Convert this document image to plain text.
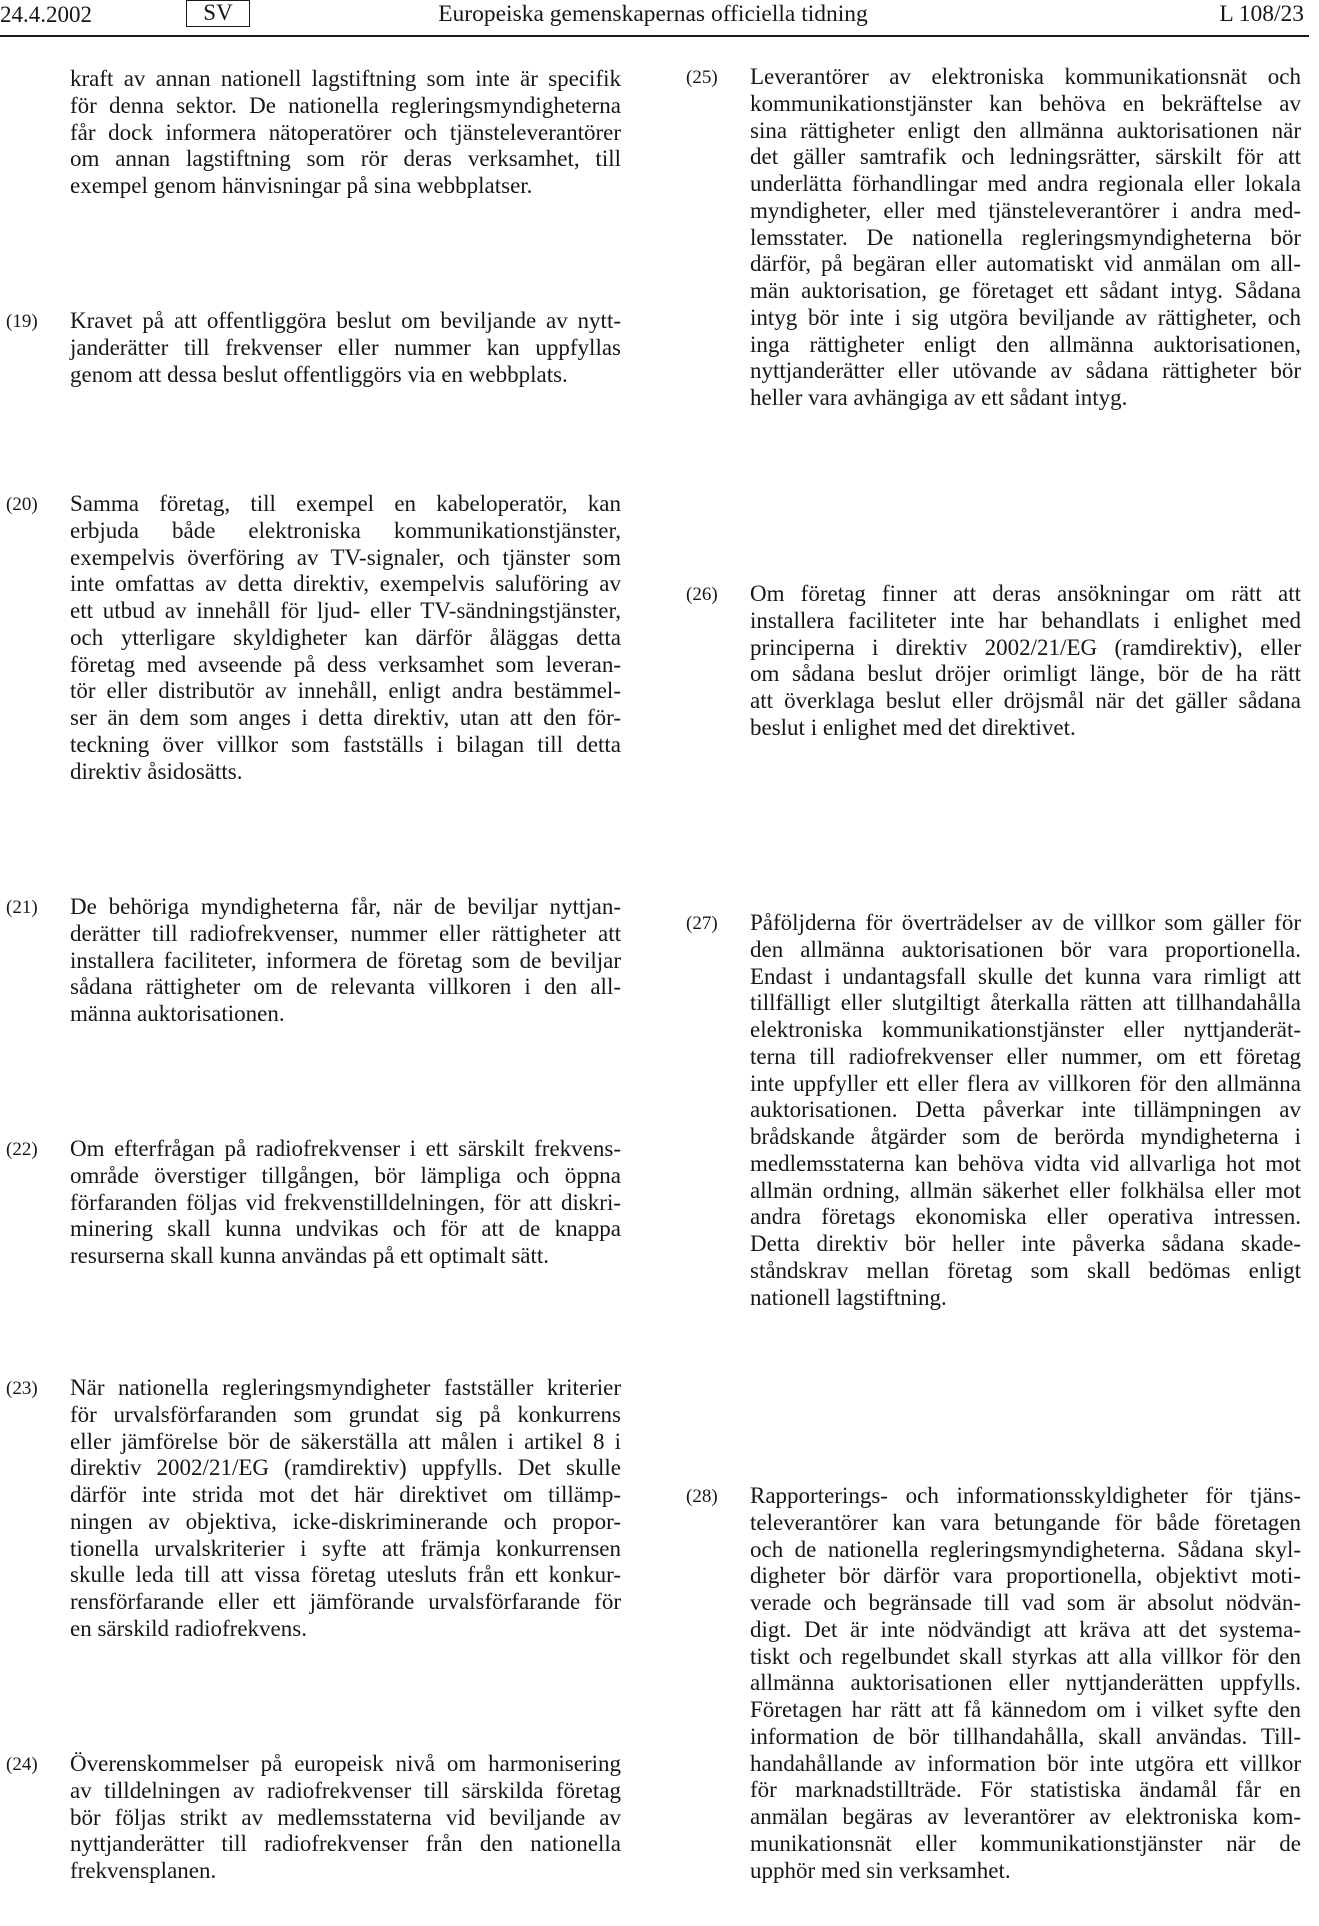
24.4.2002	SV	Europeiska gemenskapernas officiella tidning	L 108/23
kraft av annan nationell lagstiftning som inte är specifik
för denna sektor. De nationella regleringsmyndigheterna
får dock informera nätoperatörer och tjänsteleverantörer
om annan lagstiftning som rör deras verksamhet, till
exempel genom hänvisningar på sina webbplatser.
(19) Kravet på att offentliggöra beslut om beviljande av nytt-
janderätter till frekvenser eller nummer kan uppfyllas
genom att dessa beslut offentliggörs via en webbplats.
(20) Samma företag, till exempel en kabeloperatör, kan
erbjuda både elektroniska kommunikationstjänster,
exempelvis överföring av TV-signaler, och tjänster som
inte omfattas av detta direktiv, exempelvis saluföring av
ett utbud av innehåll för ljud- eller TV-sändningstjänster,
och ytterligare skyldigheter kan därför åläggas detta
företag med avseende på dess verksamhet som leveran-
tör eller distributör av innehåll, enligt andra bestämmel-
ser än dem som anges i detta direktiv, utan att den för-
teckning över villkor som fastställs i bilagan till detta
direktiv åsidosätts.
(21) De behöriga myndigheterna får, när de beviljar nyttjan-
derätter till radiofrekvenser, nummer eller rättigheter att
installera faciliteter, informera de företag som de beviljar
sådana rättigheter om de relevanta villkoren i den all-
männa auktorisationen.
(22) Om efterfrågan på radiofrekvenser i ett särskilt frekvens-
område överstiger tillgången, bör lämpliga och öppna
förfaranden följas vid frekvenstilldelningen, för att diskri-
minering skall kunna undvikas och för att de knappa
resurserna skall kunna användas på ett optimalt sätt.
(23) När nationella regleringsmyndigheter fastställer kriterier
för urvalsförfaranden som grundat sig på konkurrens
eller jämförelse bör de säkerställa att målen i artikel 8 i
direktiv 2002/21/EG (ramdirektiv) uppfylls. Det skulle
därför inte strida mot det här direktivet om tillämp-
ningen av objektiva, icke-diskriminerande och propor-
tionella urvalskriterier i syfte att främja konkurrensen
skulle leda till att vissa företag utesluts från ett konkur-
rensförfarande eller ett jämförande urvalsförfarande för
en särskild radiofrekvens.
(24) Överenskommelser på europeisk nivå om harmonisering
av tilldelningen av radiofrekvenser till särskilda företag
bör följas strikt av medlemsstaterna vid beviljande av
nyttjanderätter till radiofrekvenser från den nationella
frekvensplanen.
(25) Leverantörer av elektroniska kommunikationsnät och
kommunikationstjänster kan behöva en bekräftelse av
sina rättigheter enligt den allmänna auktorisationen när
det gäller samtrafik och ledningsrätter, särskilt för att
underlätta förhandlingar med andra regionala eller lokala
myndigheter, eller med tjänsteleverantörer i andra med-
lemsstater. De nationella regleringsmyndigheterna bör
därför, på begäran eller automatiskt vid anmälan om all-
män auktorisation, ge företaget ett sådant intyg. Sådana
intyg bör inte i sig utgöra beviljande av rättigheter, och
inga rättigheter enligt den allmänna auktorisationen,
nyttjanderätter eller utövande av sådana rättigheter bör
heller vara avhängiga av ett sådant intyg.
(26) Om företag finner att deras ansökningar om rätt att
installera faciliteter inte har behandlats i enlighet med
principerna i direktiv 2002/21/EG (ramdirektiv), eller
om sådana beslut dröjer orimligt länge, bör de ha rätt
att överklaga beslut eller dröjsmål när det gäller sådana
beslut i enlighet med det direktivet.
(27) Påföljderna för överträdelser av de villkor som gäller för
den allmänna auktorisationen bör vara proportionella.
Endast i undantagsfall skulle det kunna vara rimligt att
tillfälligt eller slutgiltigt återkalla rätten att tillhandahålla
elektroniska kommunikationstjänster eller nyttjanderät-
terna till radiofrekvenser eller nummer, om ett företag
inte uppfyller ett eller flera av villkoren för den allmänna
auktorisationen. Detta påverkar inte tillämpningen av
brådskande åtgärder som de berörda myndigheterna i
medlemsstaterna kan behöva vidta vid allvarliga hot mot
allmän ordning, allmän säkerhet eller folkhälsa eller mot
andra företags ekonomiska eller operativa intressen.
Detta direktiv bör heller inte påverka sådana skade-
ståndskrav mellan företag som skall bedömas enligt
nationell lagstiftning.
(28) Rapporterings- och informationsskyldigheter för tjäns-
televerantörer kan vara betungande för både företagen
och de nationella regleringsmyndigheterna. Sådana skyl-
digheter bör därför vara proportionella, objektivt moti-
verade och begränsade till vad som är absolut nödvän-
digt. Det är inte nödvändigt att kräva att det systema-
tiskt och regelbundet skall styrkas att alla villkor för den
allmänna auktorisationen eller nyttjanderätten uppfylls.
Företagen har rätt att få kännedom om i vilket syfte den
information de bör tillhandahålla, skall användas. Till-
handahållande av information bör inte utgöra ett villkor
för marknadstillträde. För statistiska ändamål får en
anmälan begäras av leverantörer av elektroniska kom-
munikationsnät eller kommunikationstjänster när de
upphör med sin verksamhet.
